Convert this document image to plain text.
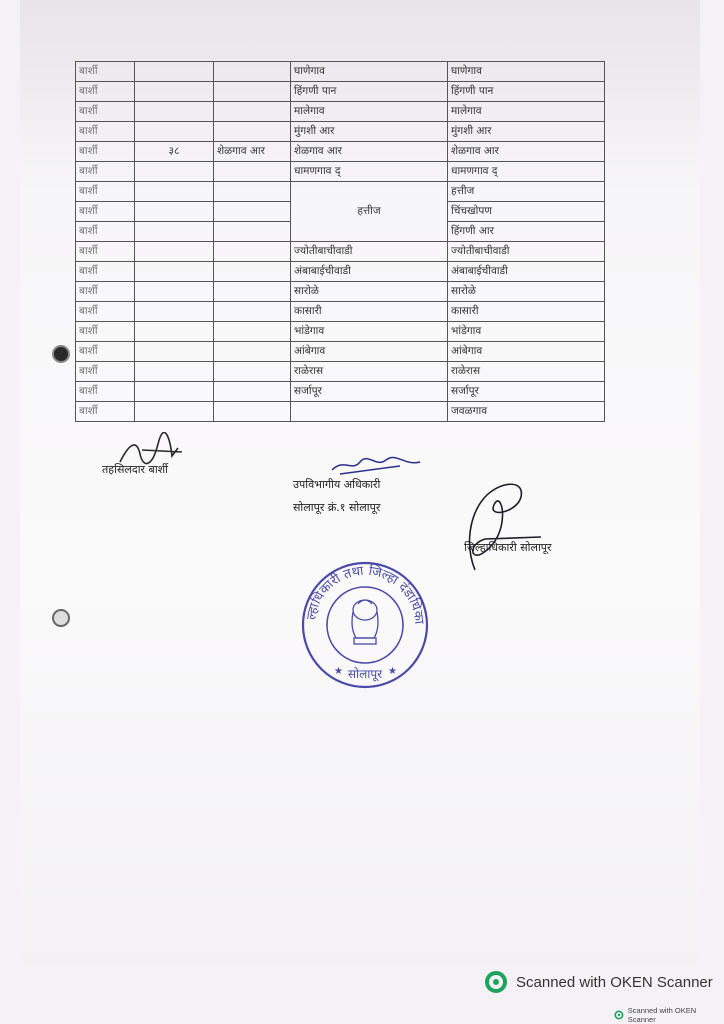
बार्शी			घाणेगाव	घाणेगाव
बार्शी			हिंगणी पान	हिंगणी पान
बार्शी			मालेगाव	मालेगाव
बार्शी			मुंगशी आर	मुंगशी आर
बार्शी	३८	शेळगाव आर	शेळगाव आर	शेळगाव आर
बार्शी			धामणगाव द्	धामणगाव द्
बार्शी			हत्तीज	हत्तीज
बार्शी				चिंचखोपण
बार्शी				हिंगणी आर
बार्शी			ज्योतीबाचीवाडी	ज्योतीबाचीवाडी
बार्शी			अंबाबाईचीवाडी	अंबाबाईचीवाडी
बार्शी			सारोळे	सारोळे
बार्शी			कासारी	कासारी
बार्शी			भांडेगाव	भांडेगाव
बार्शी			आंबेगाव	आंबेगाव
बार्शी			राळेरास	राळेरास
बार्शी			सर्जापूर	सर्जापूर
बार्शी				जवळगाव
तहसिलदार बार्शी
उपविभागीय अधिकारी
सोलापूर क्रं.१ सोलापूर
जिल्हाधिकारी सोलापूर
ल्हाधिकारी तथा जिल्हा दंडाधिका
सोलापूर
★	★
Scanned with OKEN Scanner
Scanned with OKEN Scanner
